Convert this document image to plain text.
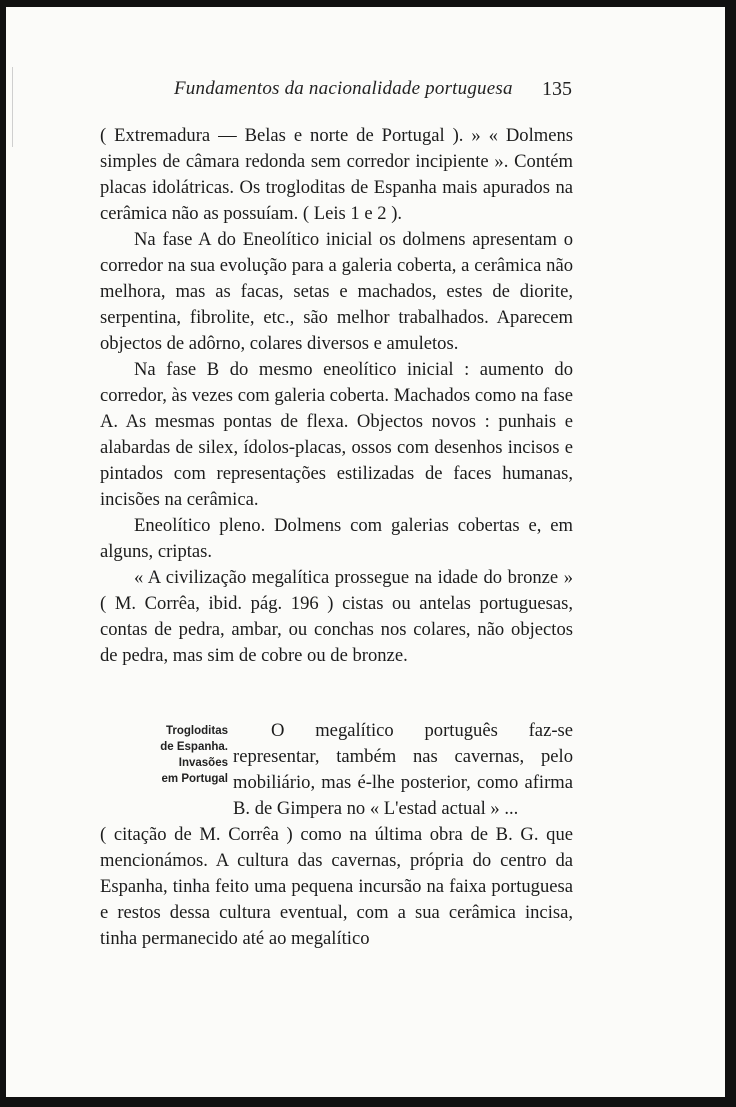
Fundamentos da nacionalidade portuguesa 135

( Extremadura — Belas e norte de Portugal ). » « Dolmens simples de câmara redonda sem corredor incipiente ». Contém placas idolátricas. Os trogloditas de Espanha mais apurados na cerâmica não as possuíam. ( Leis 1 e 2 ).

Na fase A do Eneolítico inicial os dolmens apresentam o corredor na sua evolução para a galeria coberta, a cerâmica não melhora, mas as facas, setas e machados, estes de diorite, serpentina, fibrolite, etc., são melhor trabalhados. Aparecem objectos de adôrno, colares diversos e amuletos.

Na fase B do mesmo eneolítico inicial : aumento do corredor, às vezes com galeria coberta. Machados como na fase A. As mesmas pontas de flexa. Objectos novos : punhais e alabardas de silex, ídolos-placas, ossos com desenhos incisos e pintados com representações estilizadas de faces humanas, incisões na cerâmica.

Eneolítico pleno. Dolmens com galerias cobertas e, em alguns, criptas.

« A civilização megalítica prossegue na idade do bronze » ( M. Corrêa, ibid. pág. 196 ) cistas ou antelas portuguesas, contas de pedra, ambar, ou conchas nos colares, não objectos de pedra, mas sim de cobre ou de bronze.

Trogloditas
de Espanha.
Invasões
em Portugal
O megalítico português faz-se representar, também nas cavernas, pelo mobiliário, mas é-lhe posterior, como afirma B. de Gimpera no « L'estad actual » ...

( citação de M. Corrêa ) como na última obra de B. G. que mencionámos. A cultura das cavernas, própria do centro da Espanha, tinha feito uma pequena incursão na faixa portuguesa e restos dessa cultura eventual, com a sua cerâmica incisa, tinha permanecido até ao megalítico
